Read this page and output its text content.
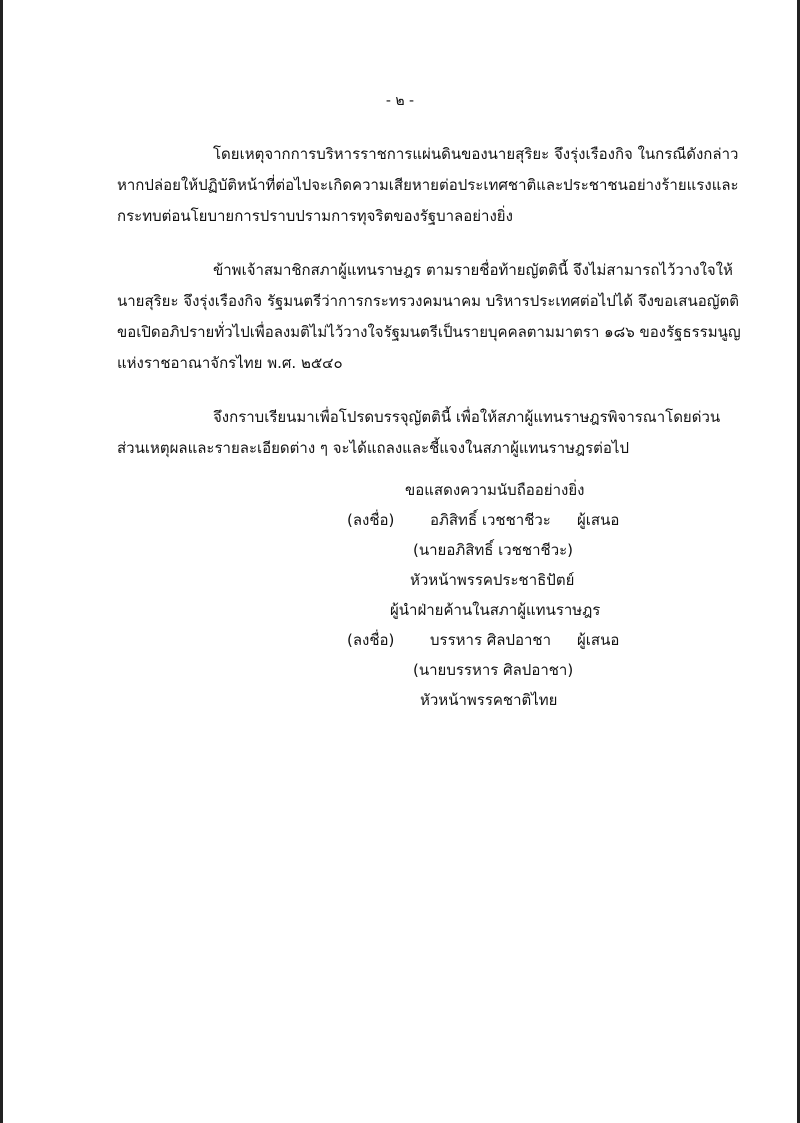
- ๒ -
โดยเหตุจากการบริหารราชการแผ่นดินของนายสุริยะ จึงรุ่งเรืองกิจ ในกรณีดังกล่าว
หากปล่อยให้ปฏิบัติหน้าที่ต่อไปจะเกิดความเสียหายต่อประเทศชาติและประชาชนอย่างร้ายแรงและ
กระทบต่อนโยบายการปราบปรามการทุจริตของรัฐบาลอย่างยิ่ง
ข้าพเจ้าสมาชิกสภาผู้แทนราษฎร ตามรายชื่อท้ายญัตตินี้ จึงไม่สามารถไว้วางใจให้
นายสุริยะ จึงรุ่งเรืองกิจ รัฐมนตรีว่าการกระทรวงคมนาคม บริหารประเทศต่อไปได้ จึงขอเสนอญัตติ
ขอเปิดอภิปรายทั่วไปเพื่อลงมติไม่ไว้วางใจรัฐมนตรีเป็นรายบุคคลตามมาตรา ๑๘๖ ของรัฐธรรมนูญ
แห่งราชอาณาจักรไทย พ.ศ. ๒๕๔๐
จึงกราบเรียนมาเพื่อโปรดบรรจุญัตตินี้ เพื่อให้สภาผู้แทนราษฎรพิจารณาโดยด่วน
ส่วนเหตุผลและรายละเอียดต่าง ๆ จะได้แถลงและชี้แจงในสภาผู้แทนราษฎรต่อไป
ขอแสดงความนับถืออย่างยิ่ง
(ลงชื่อ) อภิสิทธิ์ เวชชาชีวะ ผู้เสนอ
(นายอภิสิทธิ์ เวชชาชีวะ)
หัวหน้าพรรคประชาธิปัตย์
ผู้นำฝ่ายค้านในสภาผู้แทนราษฎร
(ลงชื่อ) บรรหาร ศิลปอาชา ผู้เสนอ
(นายบรรหาร ศิลปอาชา)
หัวหน้าพรรคชาติไทย
